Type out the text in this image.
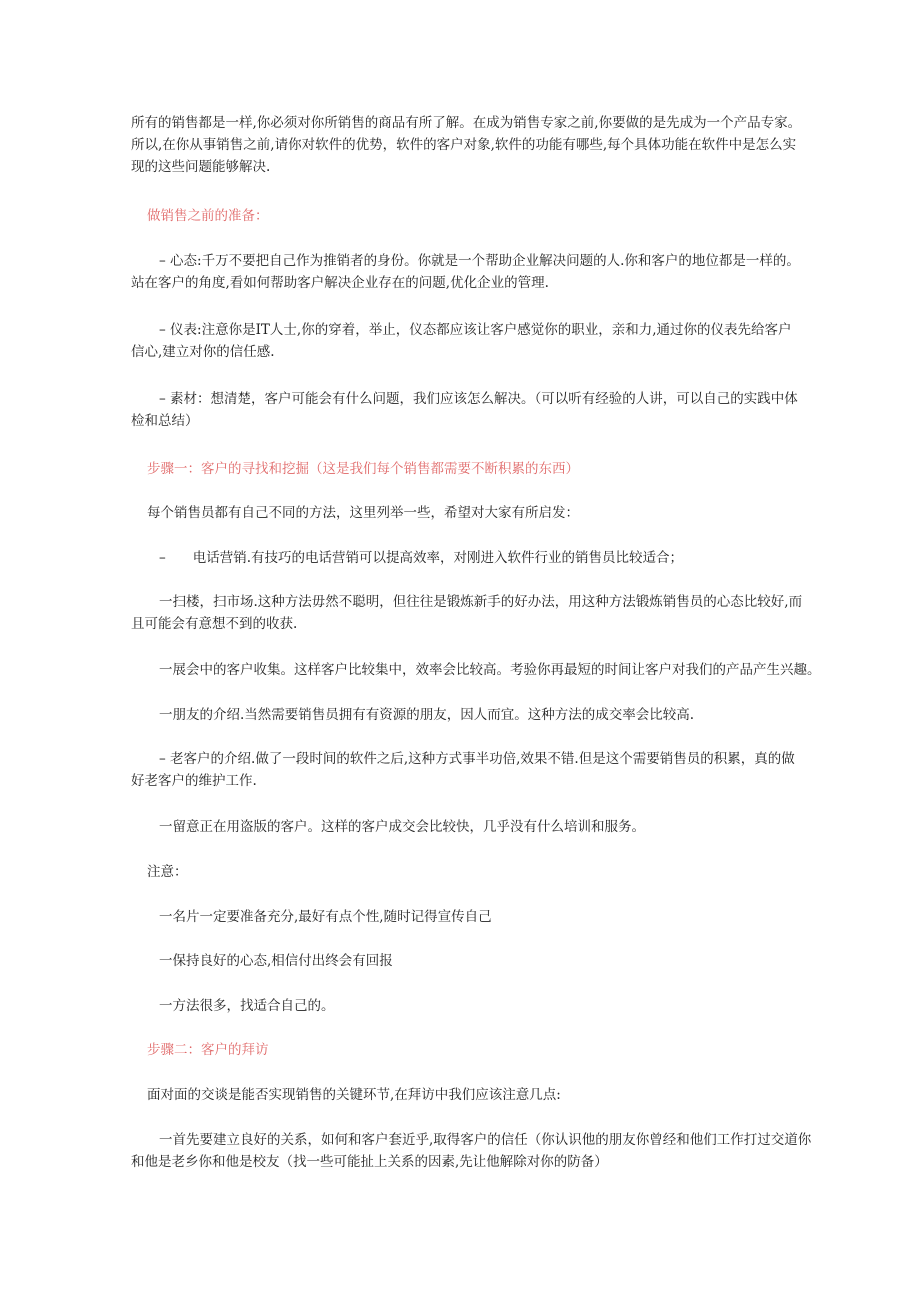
所有的销售都是一样,你必须对你所销售的商品有所了解。在成为销售专家之前,你要做的是先成为一个产品专家。
所以,在你从事销售之前,请你对软件的优势，软件的客户对象,软件的功能有哪些,每个具体功能在软件中是怎么实
现的这些问题能够解决.
做销售之前的准备：
– 心态:千万不要把自己作为推销者的身份。你就是一个帮助企业解决问题的人.你和客户的地位都是一样的。
站在客户的角度,看如何帮助客户解决企业存在的问题,优化企业的管理.
– 仪表:注意你是IT人士,你的穿着，举止，仪态都应该让客户感觉你的职业，亲和力,通过你的仪表先给客户
信心,建立对你的信任感.
– 素材：想清楚，客户可能会有什么问题，我们应该怎么解决。（可以听有经验的人讲，可以自己的实践中体
检和总结）
步骤一：客户的寻找和挖掘（这是我们每个销售都需要不断积累的东西）
每个销售员都有自己不同的方法，这里列举一些，希望对大家有所启发：
–　　电话营销.有技巧的电话营销可以提高效率，对刚进入软件行业的销售员比较适合；
一扫楼，扫市场.这种方法毋然不聪明，但往往是锻炼新手的好办法，用这种方法锻炼销售员的心态比较好,而
且可能会有意想不到的收获.
一展会中的客户收集。这样客户比较集中，效率会比较高。考验你再最短的时间让客户对我们的产品产生兴趣。
一朋友的介绍.当然需要销售员拥有有资源的朋友，因人而宜。这种方法的成交率会比较高.
– 老客户的介绍.做了一段时间的软件之后,这种方式事半功倍,效果不错.但是这个需要销售员的积累，真的做
好老客户的维护工作.
一留意正在用盗版的客户。这样的客户成交会比较快，几乎没有什么培训和服务。
注意：
一名片一定要准备充分,最好有点个性,随时记得宣传自己
一保持良好的心态,相信付出终会有回报
一方法很多，找适合自己的。
步骤二：客户的拜访
面对面的交谈是能否实现销售的关键环节,在拜访中我们应该注意几点:
一首先要建立良好的关系，如何和客户套近乎,取得客户的信任（你认识他的朋友你曾经和他们工作打过交道你
和他是老乡你和他是校友（找一些可能扯上关系的因素,先让他解除对你的防备）
